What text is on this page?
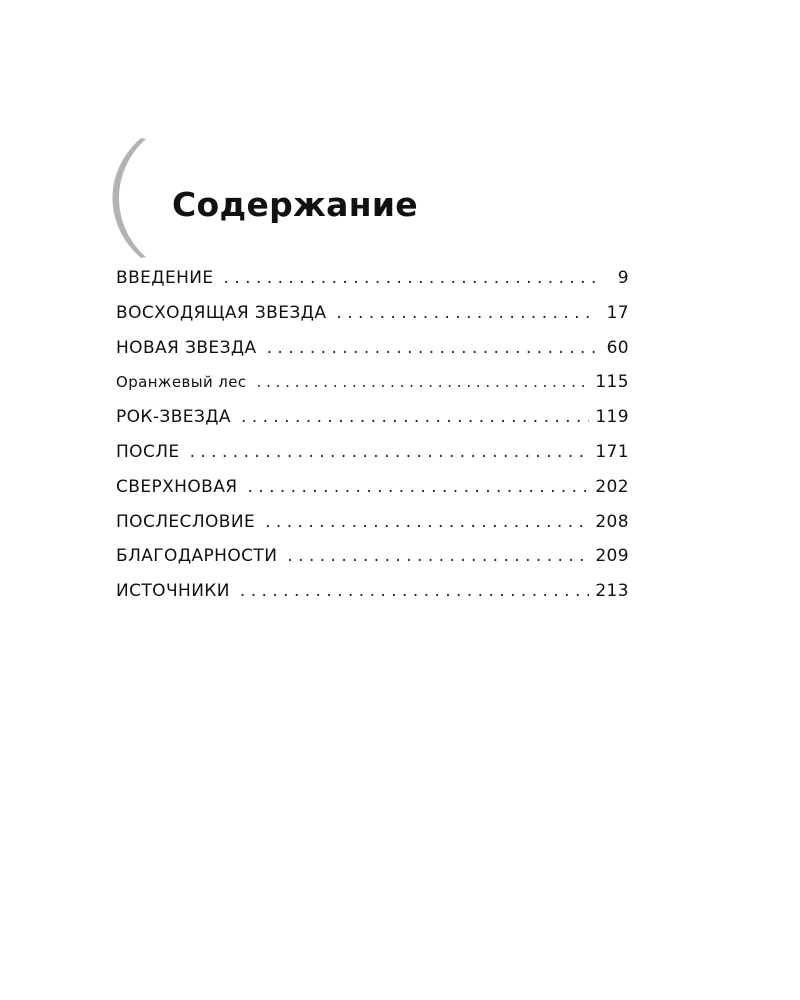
Содержание
ВВЕДЕНИЕ . . .	9
ВОСХОДЯЩАЯ ЗВЕЗДА . . .	17
НОВАЯ ЗВЕЗДА . . .	60
Оранжевый лес . . .	115
РОК-ЗВЕЗДА . . .	119
ПОСЛЕ . . .	171
СВЕРХНОВАЯ . . .	202
ПОСЛЕСЛОВИЕ . . .	208
БЛАГОДАРНОСТИ . . .	209
ИСТОЧНИКИ . . .	213
